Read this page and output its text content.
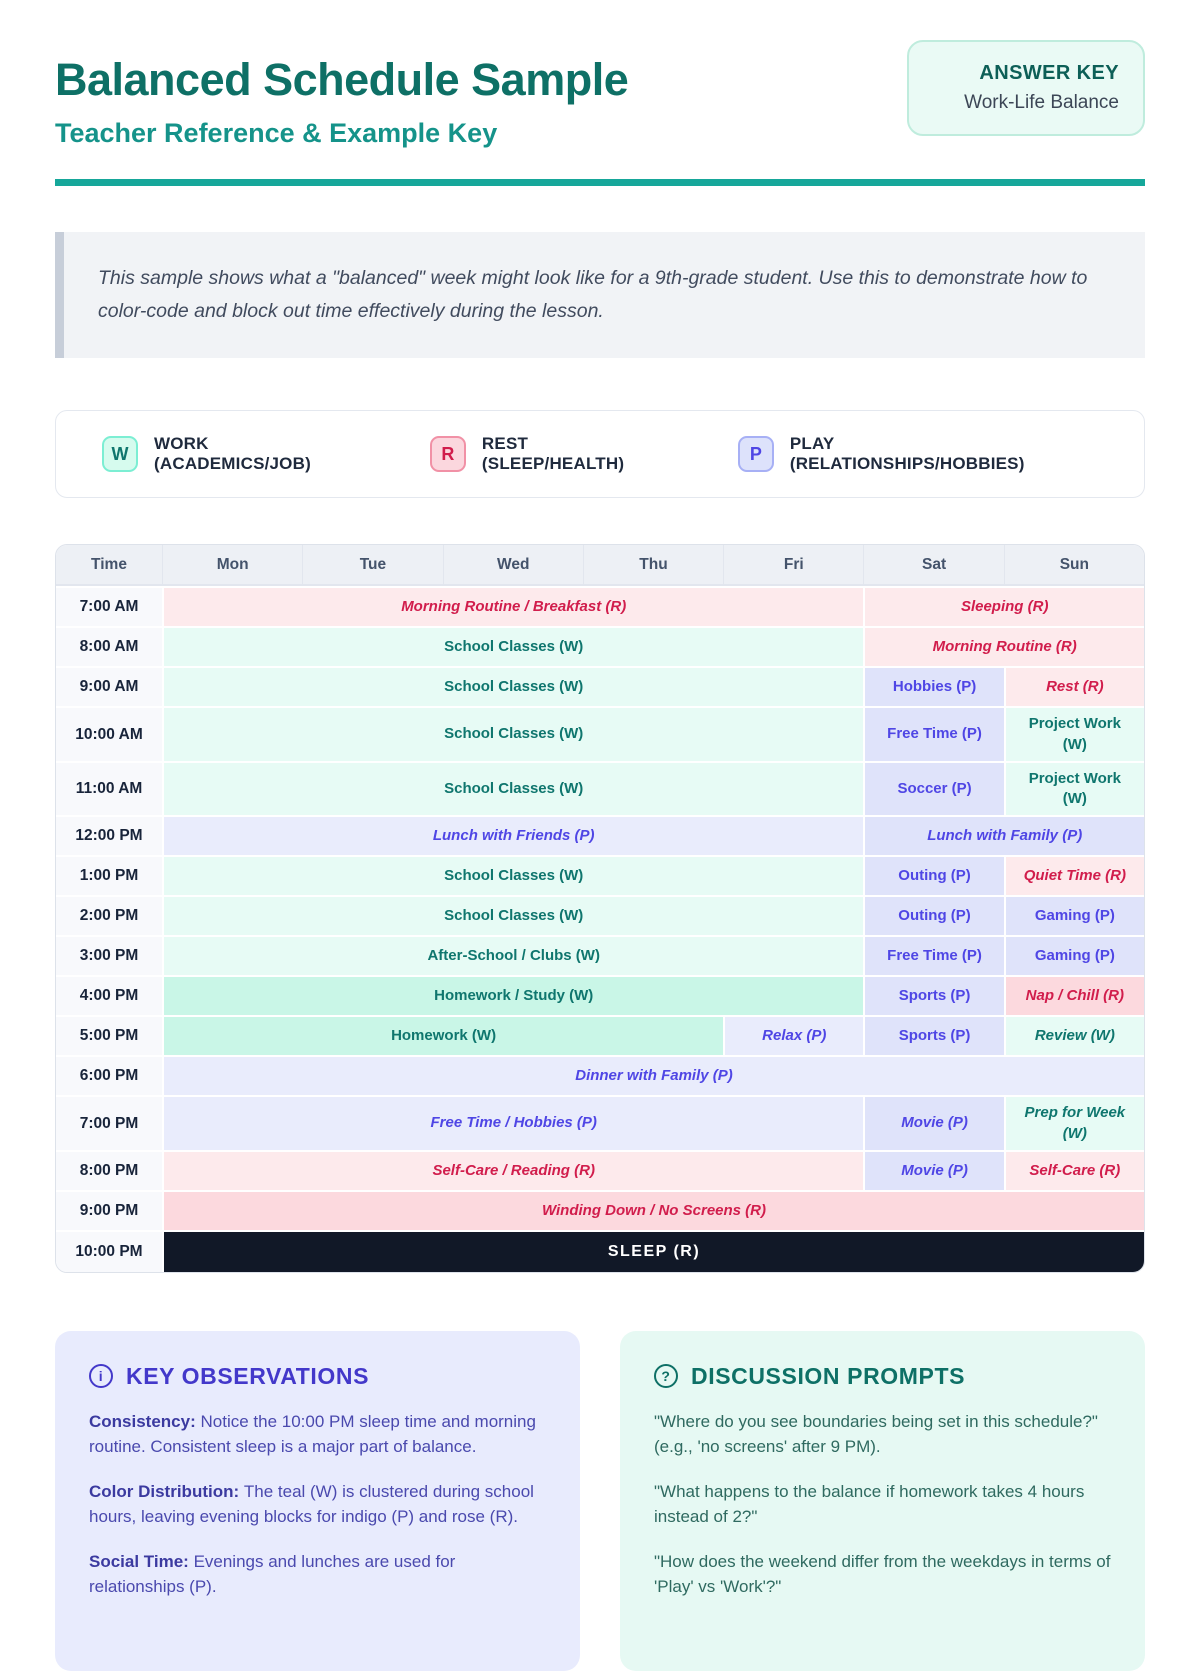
Balanced Schedule Sample
Teacher Reference & Example Key
ANSWER KEY
Work-Life Balance
This sample shows what a "balanced" week might look like for a 9th-grade student. Use this to demonstrate how to color-code and block out time effectively during the lesson.
W	WORK (ACADEMICS/JOB)	R	REST (SLEEP/HEALTH)	P	PLAY (RELATIONSHIPS/HOBBIES)
Time	Mon	Tue	Wed	Thu	Fri	Sat	Sun
7:00 AM	Morning Routine / Breakfast (R)					Sleeping (R)	
8:00 AM	School Classes (W)					Morning Routine (R)	
9:00 AM	School Classes (W)					Hobbies (P)	Rest (R)
10:00 AM	School Classes (W)					Free Time (P)	Project Work (W)
11:00 AM	School Classes (W)					Soccer (P)	Project Work (W)
12:00 PM	Lunch with Friends (P)					Lunch with Family (P)	
1:00 PM	School Classes (W)					Outing (P)	Quiet Time (R)
2:00 PM	School Classes (W)					Outing (P)	Gaming (P)
3:00 PM	After-School / Clubs (W)					Free Time (P)	Gaming (P)
4:00 PM	Homework / Study (W)					Sports (P)	Nap / Chill (R)
5:00 PM	Homework (W)				Relax (P)	Sports (P)	Review (W)
6:00 PM	Dinner with Family (P)						
7:00 PM	Free Time / Hobbies (P)					Movie (P)	Prep for Week (W)
8:00 PM	Self-Care / Reading (R)					Movie (P)	Self-Care (R)
9:00 PM	Winding Down / No Screens (R)						
10:00 PM	SLEEP (R)						
i KEY OBSERVATIONS

Consistency: Notice the 10:00 PM sleep time and morning routine. Consistent sleep is a major part of balance.

Color Distribution: The teal (W) is clustered during school hours, leaving evening blocks for indigo (P) and rose (R).

Social Time: Evenings and lunches are used for relationships (P).

? DISCUSSION PROMPTS

"Where do you see boundaries being set in this schedule?" (e.g., 'no screens' after 9 PM).

"What happens to the balance if homework takes 4 hours instead of 2?"

"How does the weekend differ from the weekdays in terms of 'Play' vs 'Work'?"
